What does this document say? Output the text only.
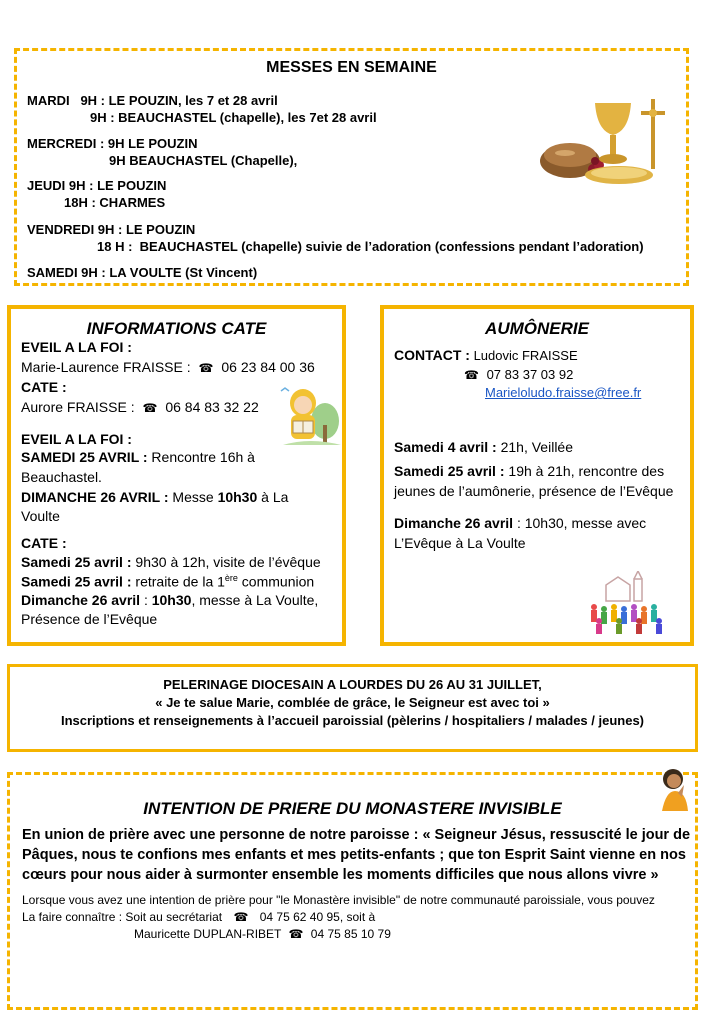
MESSES EN SEMAINE
MARDI   9H : LE POUZIN, les 7 et 28 avril
9H : BEAUCHASTEL (chapelle), les 7et 28 avril
MERCREDI : 9H LE POUZIN
9H BEAUCHASTEL (Chapelle),
JEUDI 9H : LE POUZIN
18H : CHARMES
VENDREDI 9H : LE POUZIN
18 H :  BEAUCHASTEL (chapelle) suivie de l’adoration (confessions pendant l’adoration)
SAMEDI 9H : LA VOULTE (St Vincent)
INFORMATIONS CATE
EVEIL A LA FOI :
Marie-Laurence FRAISSE : ☎ 06 23 84 00 36
CATE :
Aurore FRAISSE : ☎ 06 84 83 32 22
EVEIL A LA FOI :
SAMEDI 25 AVRIL : Rencontre 16h à
Beauchastel.
DIMANCHE 26 AVRIL : Messe 10h30 à La
Voulte
CATE :
Samedi 25 avril : 9h30 à 12h, visite de l’évêque
Samedi 25 avril : retraite de la 1ère communion
Dimanche 26 avril : 10h30, messe à La Voulte,
Présence de l’Evêque
AUMÔNERIE
CONTACT : Ludovic FRAISSE
☎ 07 83 37 03 92
Marieloludo.fraisse@free.fr
Samedi 4 avril : 21h, Veillée
Samedi 25 avril : 19h à 21h, rencontre des
jeunes de l’aumônerie, présence de l’Evêque
Dimanche 26 avril : 10h30, messe avec
L’Evêque à La Voulte
PELERINAGE DIOCESAIN A LOURDES DU 26 AU 31 JUILLET,
« Je te salue Marie, comblée de grâce, le Seigneur est avec toi »
Inscriptions et renseignements à l’accueil paroissial (pèlerins / hospitaliers / malades / jeunes)
INTENTION DE PRIERE DU MONASTERE INVISIBLE
En union de prière avec une personne de notre paroisse : « Seigneur Jésus, ressuscité le jour de
Pâques, nous te confions mes enfants et mes petits-enfants ; que ton Esprit Saint vienne en nos
cœurs pour nous aider à surmonter ensemble les moments difficiles que nous allons vivre »
Lorsque vous avez une intention de prière pour "le Monastère invisible" de notre communauté paroissiale, vous pouvez
La faire connaître : Soit au secrétariat ☎ 04 75 62 40 95, soit à
Mauricette DUPLAN-RIBET ☎ 04 75 85 10 79
